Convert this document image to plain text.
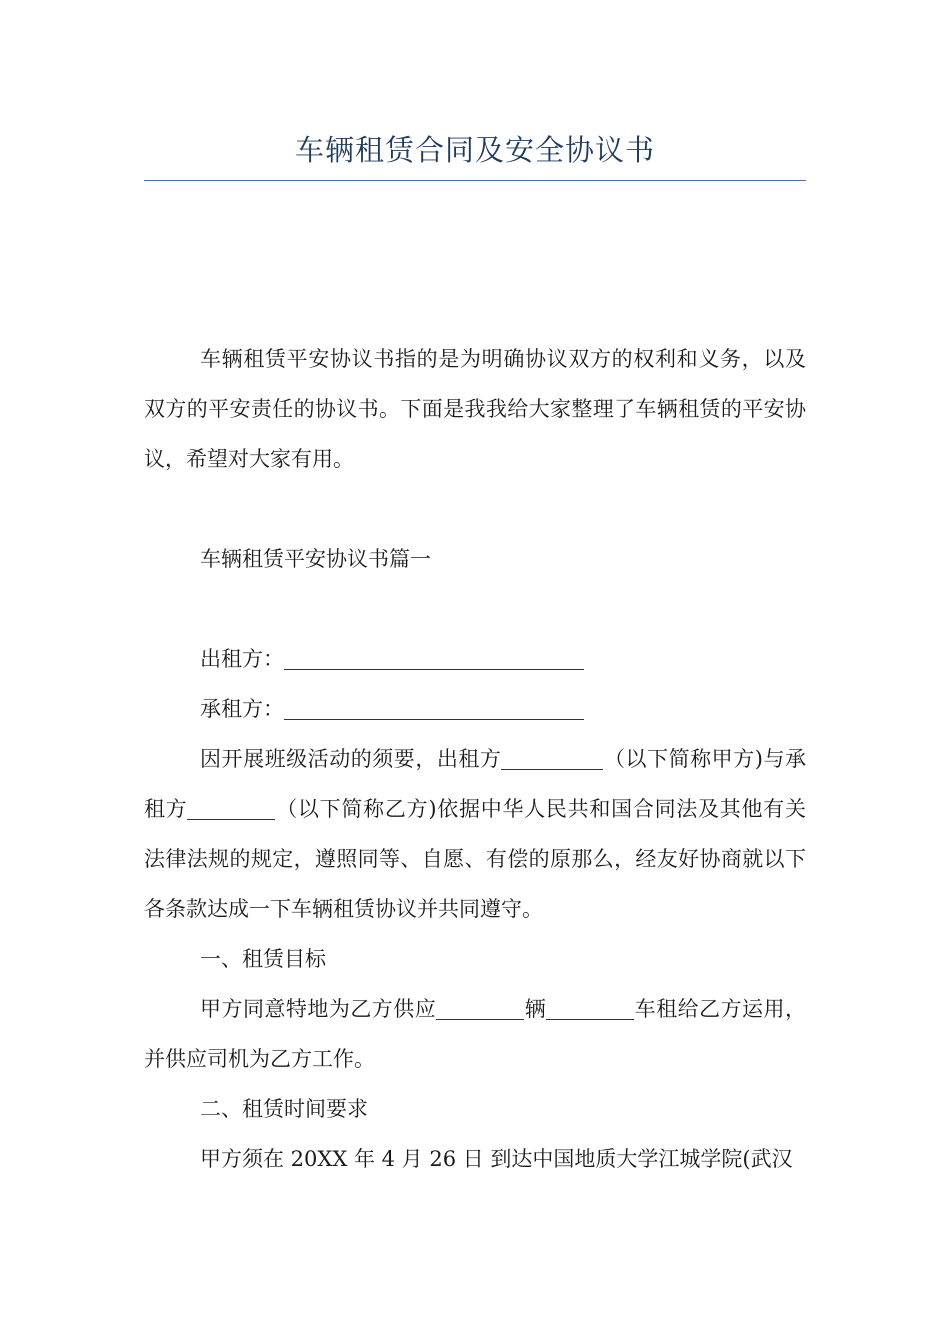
车辆租赁合同及安全协议书

车辆租赁平安协议书指的是为明确协议双方的权利和义务，以及双方的平安责任的协议书。下面是我我给大家整理了车辆租赁的平安协议，希望对大家有用。

车辆租赁平安协议书篇一

出租方：

承租方：

因开展班级活动的须要，出租方	（以下简称甲方)与承租方	（以下简称乙方)依据中华人民共和国合同法及其他有关法律法规的规定，遵照同等、自愿、有偿的原那么，经友好协商就以下各条款达成一下车辆租赁协议并共同遵守。

一、租赁目标

甲方同意特地为乙方供应	辆	车租给乙方运用，并供应司机为乙方工作。

二、租赁时间要求

甲方须在 20XX 年 4 月 26 日 到达中国地质大学江城学院(武汉
